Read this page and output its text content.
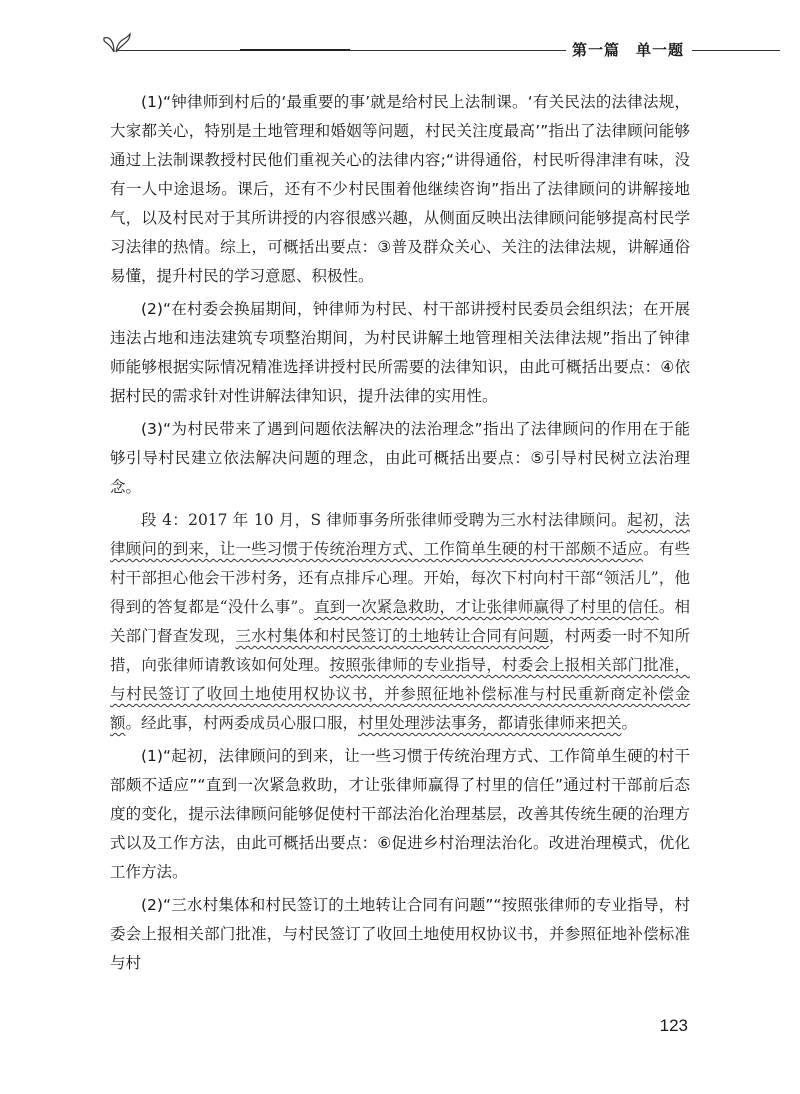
第一篇　单一题

(1)“钟律师到村后的‘最重要的事’就是给村民上法制课。‘有关民法的法律法规，大家都关心，特别是土地管理和婚姻等问题，村民关注度最高’”指出了法律顾问能够通过上法制课教授村民他们重视关心的法律内容;“讲得通俗，村民听得津津有味，没有一人中途退场。课后，还有不少村民围着他继续咨询”指出了法律顾问的讲解接地气，以及村民对于其所讲授的内容很感兴趣，从侧面反映出法律顾问能够提高村民学习法律的热情。综上，可概括出要点：③普及群众关心、关注的法律法规，讲解通俗易懂，提升村民的学习意愿、积极性。

(2)“在村委会换届期间，钟律师为村民、村干部讲授村民委员会组织法；在开展违法占地和违法建筑专项整治期间，为村民讲解土地管理相关法律法规”指出了钟律师能够根据实际情况精准选择讲授村民所需要的法律知识，由此可概括出要点：④依据村民的需求针对性讲解法律知识，提升法律的实用性。

(3)“为村民带来了遇到问题依法解决的法治理念”指出了法律顾问的作用在于能够引导村民建立依法解决问题的理念，由此可概括出要点：⑤引导村民树立法治理念。

段 4：2017 年 10 月，S 律师事务所张律师受聘为三水村法律顾问。起初，法律顾问的到来，让一些习惯于传统治理方式、工作简单生硬的村干部颇不适应。有些村干部担心他会干涉村务，还有点排斥心理。开始，每次下村向村干部“领活儿”，他得到的答复都是“没什么事”。直到一次紧急救助，才让张律师赢得了村里的信任。相关部门督查发现，三水村集体和村民签订的土地转让合同有问题，村两委一时不知所措，向张律师请教该如何处理。按照张律师的专业指导，村委会上报相关部门批准，与村民签订了收回土地使用权协议书，并参照征地补偿标准与村民重新商定补偿金额。经此事，村两委成员心服口服，村里处理涉法事务，都请张律师来把关。

(1)“起初，法律顾问的到来，让一些习惯于传统治理方式、工作简单生硬的村干部颇不适应”“直到一次紧急救助，才让张律师赢得了村里的信任”通过村干部前后态度的变化，提示法律顾问能够促使村干部法治化治理基层，改善其传统生硬的治理方式以及工作方法，由此可概括出要点：⑥促进乡村治理法治化。改进治理模式，优化工作方法。

(2)“三水村集体和村民签订的土地转让合同有问题”“按照张律师的专业指导，村委会上报相关部门批准，与村民签订了收回土地使用权协议书，并参照征地补偿标准与村

123
